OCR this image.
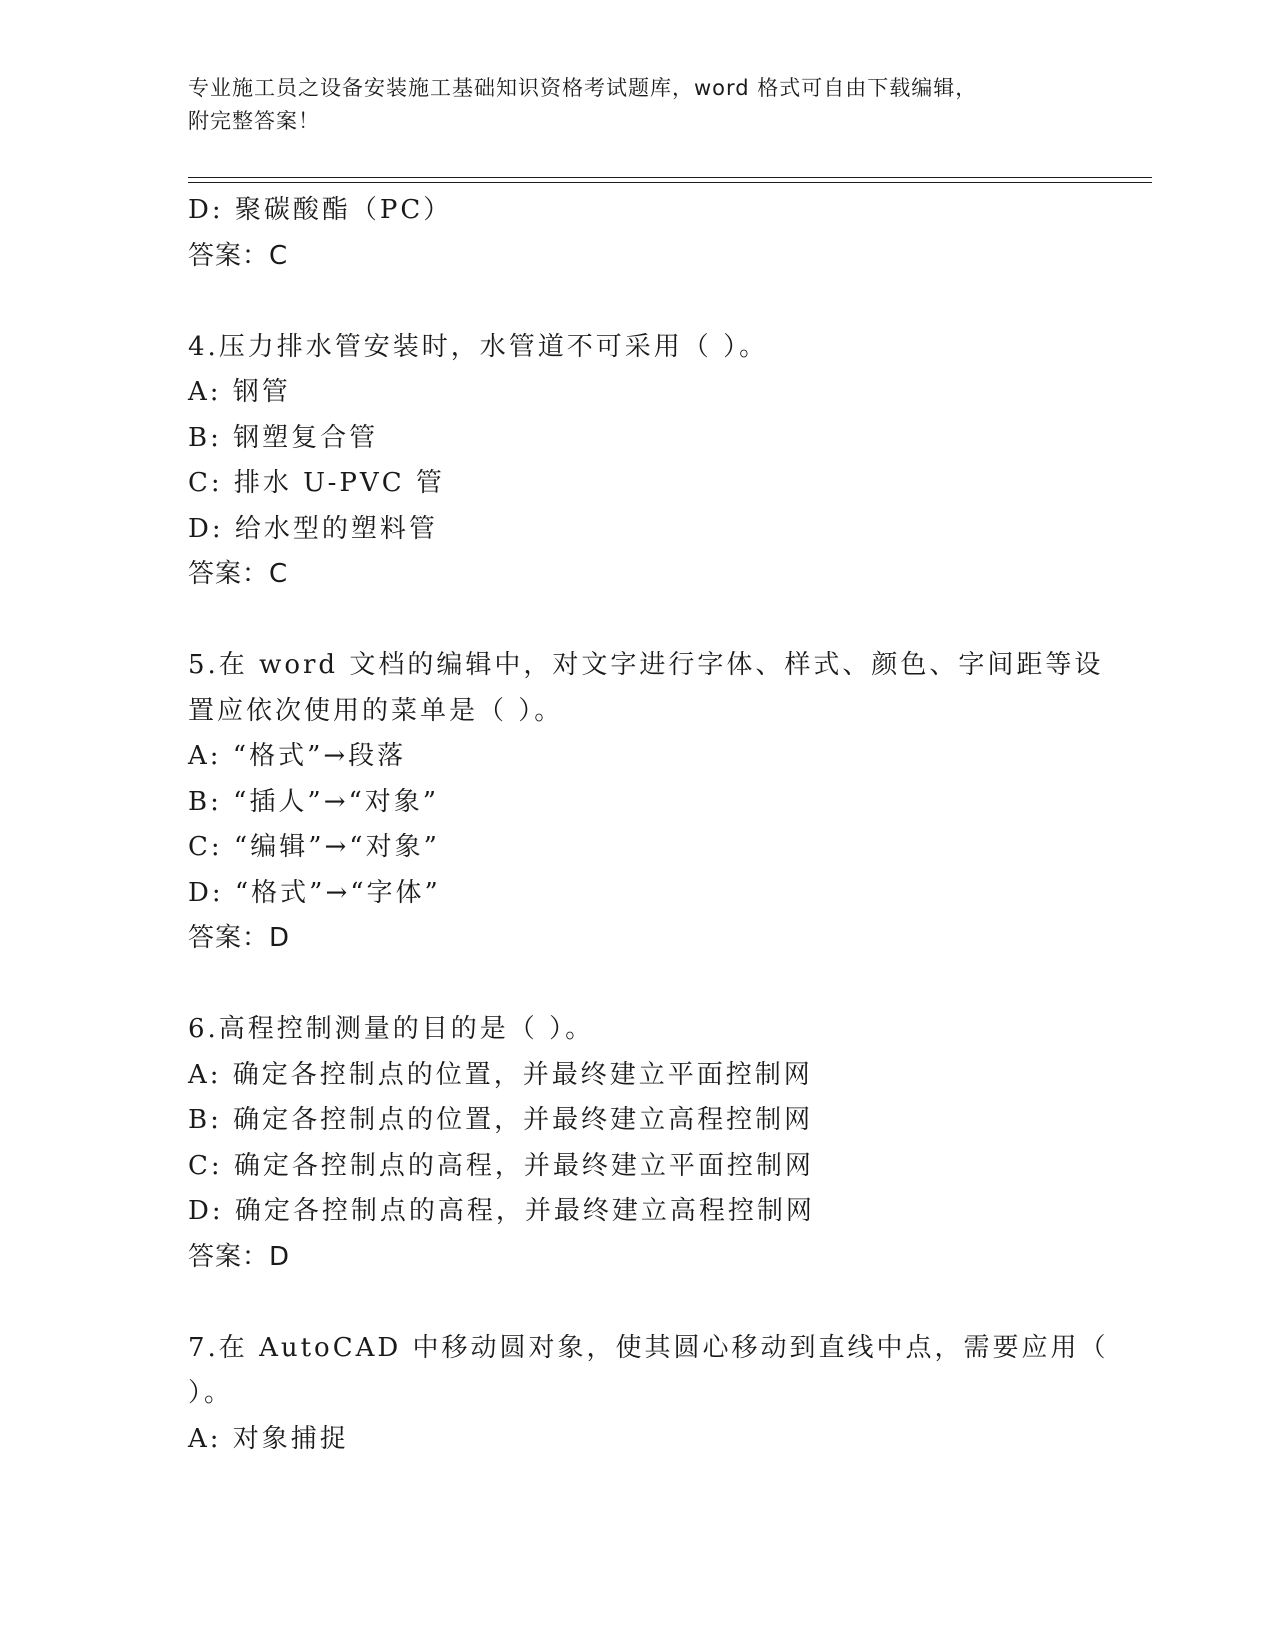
专业施工员之设备安装施工基础知识资格考试题库，word 格式可自由下载编辑，
附完整答案！
D: 聚碳酸酯（PC）
答案：C
4.压力排水管安装时，水管道不可采用（ ）。
A: 钢管
B: 钢塑复合管
C: 排水 U-PVC 管
D: 给水型的塑料管
答案：C
5.在 word 文档的编辑中，对文字进行字体、样式、颜色、字间距等设
置应依次使用的菜单是（ ）。
A: “格式”→段落
B: “插人”→“对象”
C: “编辑”→“对象”
D: “格式”→“字体”
答案：D
6.高程控制测量的目的是（ ）。
A: 确定各控制点的位置，并最终建立平面控制网
B: 确定各控制点的位置，并最终建立高程控制网
C: 确定各控制点的高程，并最终建立平面控制网
D: 确定各控制点的高程，并最终建立高程控制网
答案：D
7.在 AutoCAD 中移动圆对象，使其圆心移动到直线中点，需要应用（
）。
A: 对象捕捉
